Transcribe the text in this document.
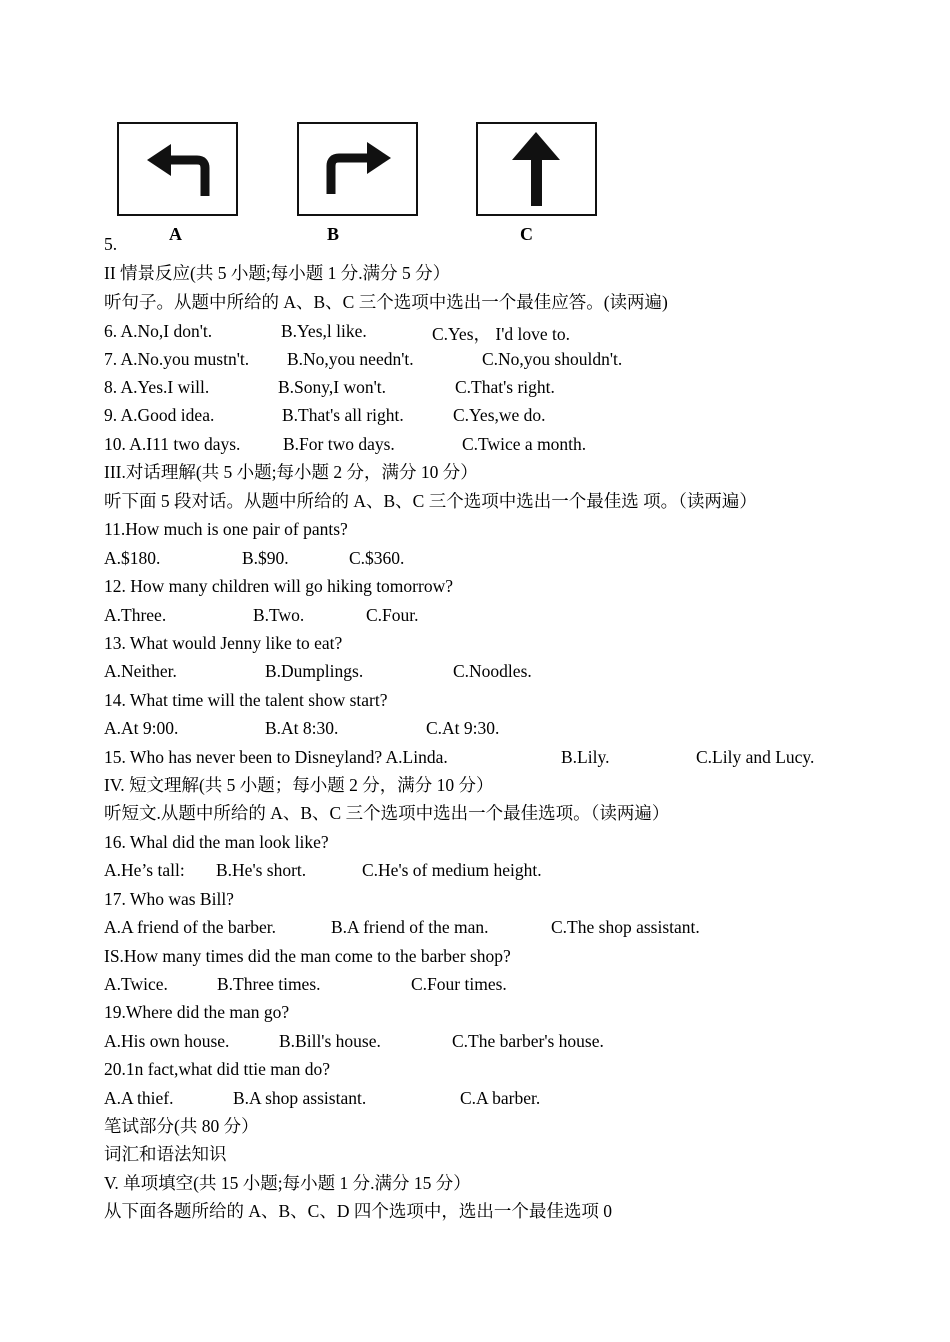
A	B	C
5.
II 情景反应(共 5 小题;每小题 1 分.满分 5 分）
听句子。从题中所给的 A、B、C 三个选项中选出一个最佳应答。(读两遍)
6. A.No,I don't.	B.Yes,l like.	C.Yes， I'd love to.
7. A.No.you mustn't. B.No,you needn't.	C.No,you shouldn't.
8. A.Yes.I will.	B.Sony,I won't.	C.That's right.
9. A.Good idea.	B.That's all right.	C.Yes,we do.
10. A.I11 two days. B.For two days.	C.Twice a month.
III.对话理解(共 5 小题;每小题 2 分，满分 10 分）
听下面 5 段对话。从题中所给的 A、B、C 三个选项中选出一个最佳选 项。（读两遍）
11.How much is one pair of pants?
A.$180.	B.$90.	C.$360.
12. How many children will go hiking tomorrow?
A.Three.	B.Two.	C.Four.
13. What would Jenny like to eat?
A.Neither.	B.Dumplings.	C.Noodles.
14. What time will the talent show start?
A.At 9:00.	B.At 8:30.	C.At 9:30.
15. Who has never been to Disneyland? A.Linda.	B.Lily.	C.Lily and Lucy.
IV. 短文理解(共 5 小题；每小题 2 分，满分 10 分）
听短文.从题中所给的 A、B、C 三个选项中选出一个最佳选项。（读两遍）
16. Whal did the man look like?
A.He’s tall: B.He's short.	C.He's of medium height.
17. Who was Bill?
A.A friend of the barber.	B.A friend of the man.	C.The shop assistant.
IS.How many times did the man come to the barber shop?
A.Twice.	B.Three times.	C.Four times.
19.Where did the man go?
A.His own house.	B.Bill's house.	C.The barber's house.
20.1n fact,what did ttie man do?
A.A thief.	B.A shop assistant.	C.A barber.
笔试部分(共 80 分）
词汇和语法知识
V. 单项填空(共 15 小题;每小题 1 分.满分 15 分）
从下面各题所给的 A、B、C、D 四个选项中，选出一个最佳选项 0
